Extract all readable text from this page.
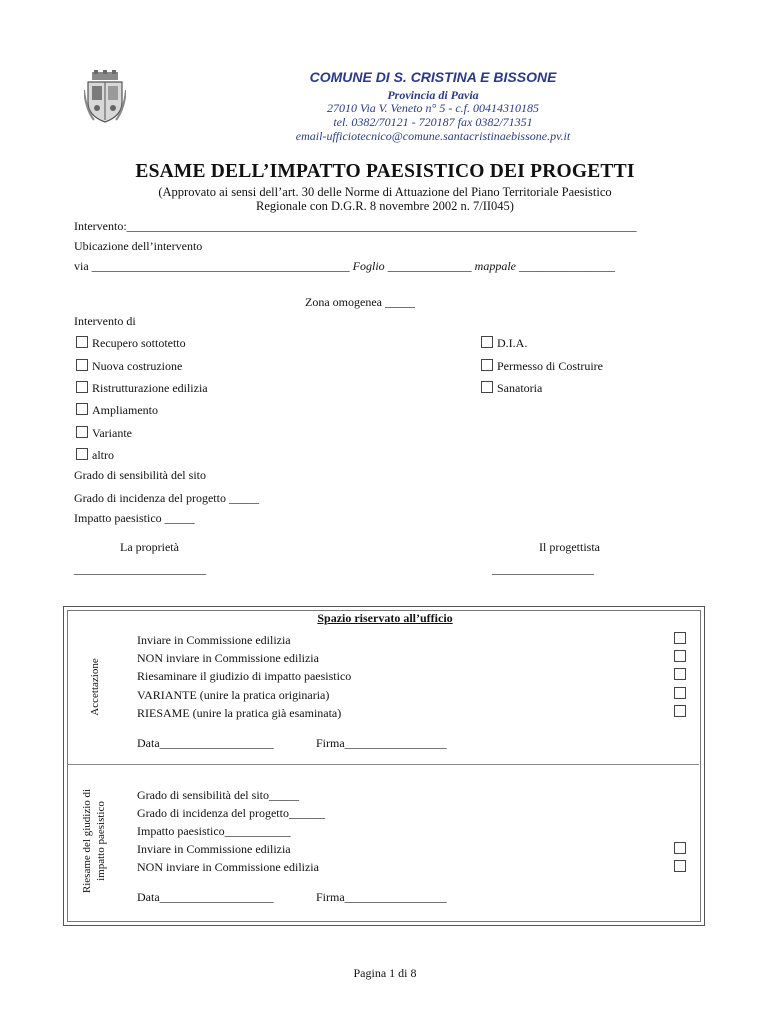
COMUNE DI S. CRISTINA E BISSONE
Provincia di Pavia
27010 Via V. Veneto n° 5 - c.f. 00414310185
tel. 0382/70121 - 720187 fax 0382/71351
email-ufficiotecnico@comune.santacristinaebissone.pv.it
ESAME DELL’IMPATTO PAESISTICO DEI PROGETTI
(Approvato ai sensi dell’art. 30 delle Norme di Attuazione del Piano Territoriale Paesistico
Regionale con D.G.R. 8 novembre 2002 n. 7/II045)
Intervento:_____________________________________________________________________________________
Ubicazione dell’intervento
via ___________________________________________ Foglio ______________ mappale ________________
Zona omogenea _____
Intervento di
Recupero sottotetto
Nuova costruzione
Ristrutturazione edilizia
Ampliamento
Variante
altro
D.I.A.
Permesso di Costruire
Sanatoria
Grado di sensibilità del sito
Grado di incidenza del progetto _____
Impatto paesistico _____
La proprietà	Il progettista
______________________	_________________
Spazio riservato all’ufficio
Accettazione
Inviare in Commissione edilizia
NON inviare in Commissione edilizia
Riesaminare il giudizio di impatto paesistico
VARIANTE (unire la pratica originaria)
RIESAME (unire la pratica già esaminata)
Data___________________	Firma_________________
Riesame del giudizio di impatto paesistico
Grado di sensibilità del sito_____
Grado di incidenza del progetto______
Impatto paesistico___________
Inviare in Commissione edilizia
NON inviare in Commissione edilizia
Data___________________	Firma_________________
Pagina 1 di 8
